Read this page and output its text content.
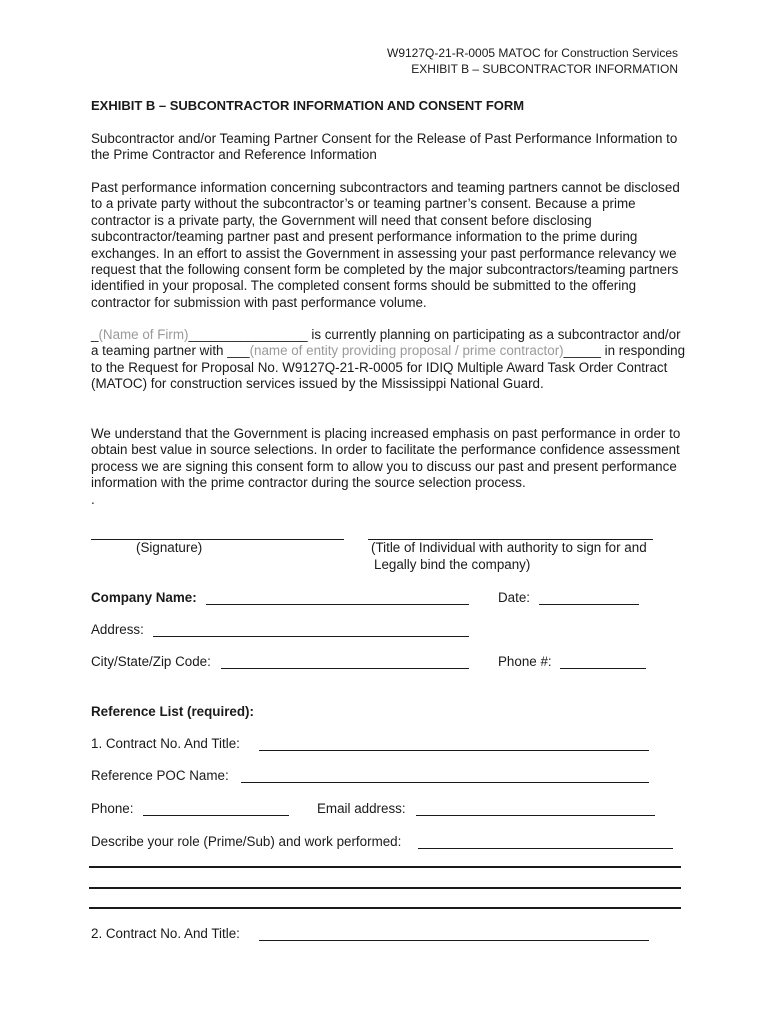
W9127Q-21-R-0005 MATOC for Construction Services
EXHIBIT B – SUBCONTRACTOR INFORMATION
EXHIBIT B – SUBCONTRACTOR INFORMATION AND CONSENT FORM
Subcontractor and/or Teaming Partner Consent for the Release of Past Performance Information to the Prime Contractor and Reference Information
Past performance information concerning subcontractors and teaming partners cannot be disclosed to a private party without the subcontractor’s or teaming partner’s consent. Because a prime contractor is a private party, the Government will need that consent before disclosing subcontractor/teaming partner past and present performance information to the prime during exchanges. In an effort to assist the Government in assessing your past performance relevancy we request that the following consent form be completed by the major subcontractors/teaming partners identified in your proposal. The completed consent forms should be submitted to the offering contractor for submission with past performance volume.
_(Name of Firm)________________ is currently planning on participating as a subcontractor and/or a teaming partner with ___(name of entity providing proposal / prime contractor)_____ in responding to the Request for Proposal No. W9127Q-21-R-0005 for IDIQ Multiple Award Task Order Contract (MATOC) for construction services issued by the Mississippi National Guard.
We understand that the Government is placing increased emphasis on past performance in order to obtain best value in source selections. In order to facilitate the performance confidence assessment process we are signing this consent form to allow you to discuss our past and present performance information with the prime contractor during the source selection process.
.
(Signature)	(Title of Individual with authority to sign for and
Legally bind the company)
Company Name:	Date:
Address:
City/State/Zip Code:	Phone #:
Reference List (required):
1. Contract No. And Title:
Reference POC Name:
Phone:	Email address:
Describe your role (Prime/Sub) and work performed:
2. Contract No. And Title:
